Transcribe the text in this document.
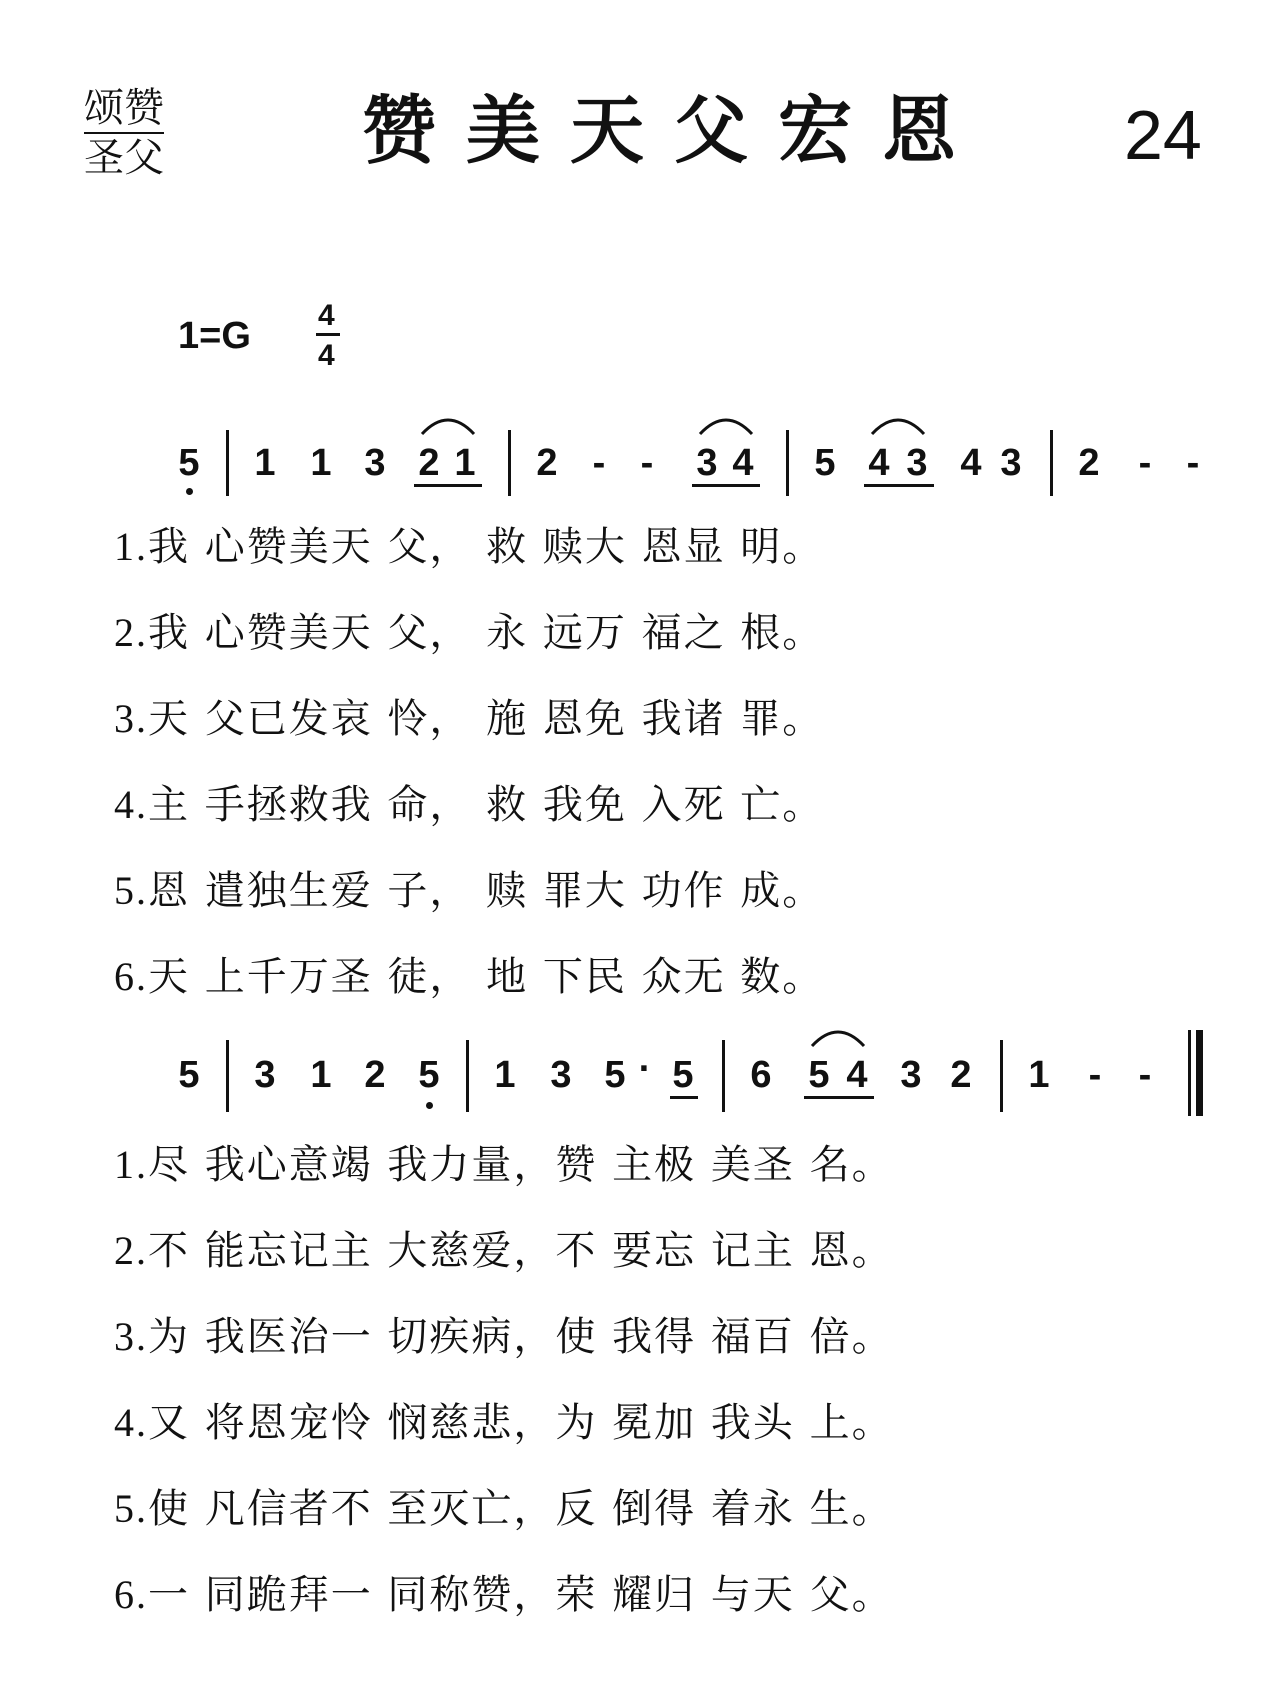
颂赞
圣父	赞美天父宏恩 24
1=G 4
4
5 1 1 3 2 1 2 - - 3 4 5 4 3 4 3 2 - -
1.我 心赞美天 父， 救 赎大 恩显 明。
2.我 心赞美天 父， 永 远万 福之 根。
3.天 父已发哀 怜， 施 恩免 我诸 罪。
4.主 手拯救我 命， 救 我免 入死 亡。
5.恩 遣独生爱 子， 赎 罪大 功作 成。
6.天 上千万圣 徒， 地 下民 众无 数。
5 3 1 2 5 1 3 5 · 5 6 5 4 3 2 1 - -
1.尽 我心意竭 我力量，赞 主极 美圣 名。
2.不 能忘记主 大慈爱，不 要忘 记主 恩。
3.为 我医治一 切疾病，使 我得 福百 倍。
4.又 将恩宠怜 悯慈悲，为 冕加 我头 上。
5.使 凡信者不 至灭亡，反 倒得 着永 生。
6.一 同跪拜一 同称赞，荣 耀归 与天 父。
